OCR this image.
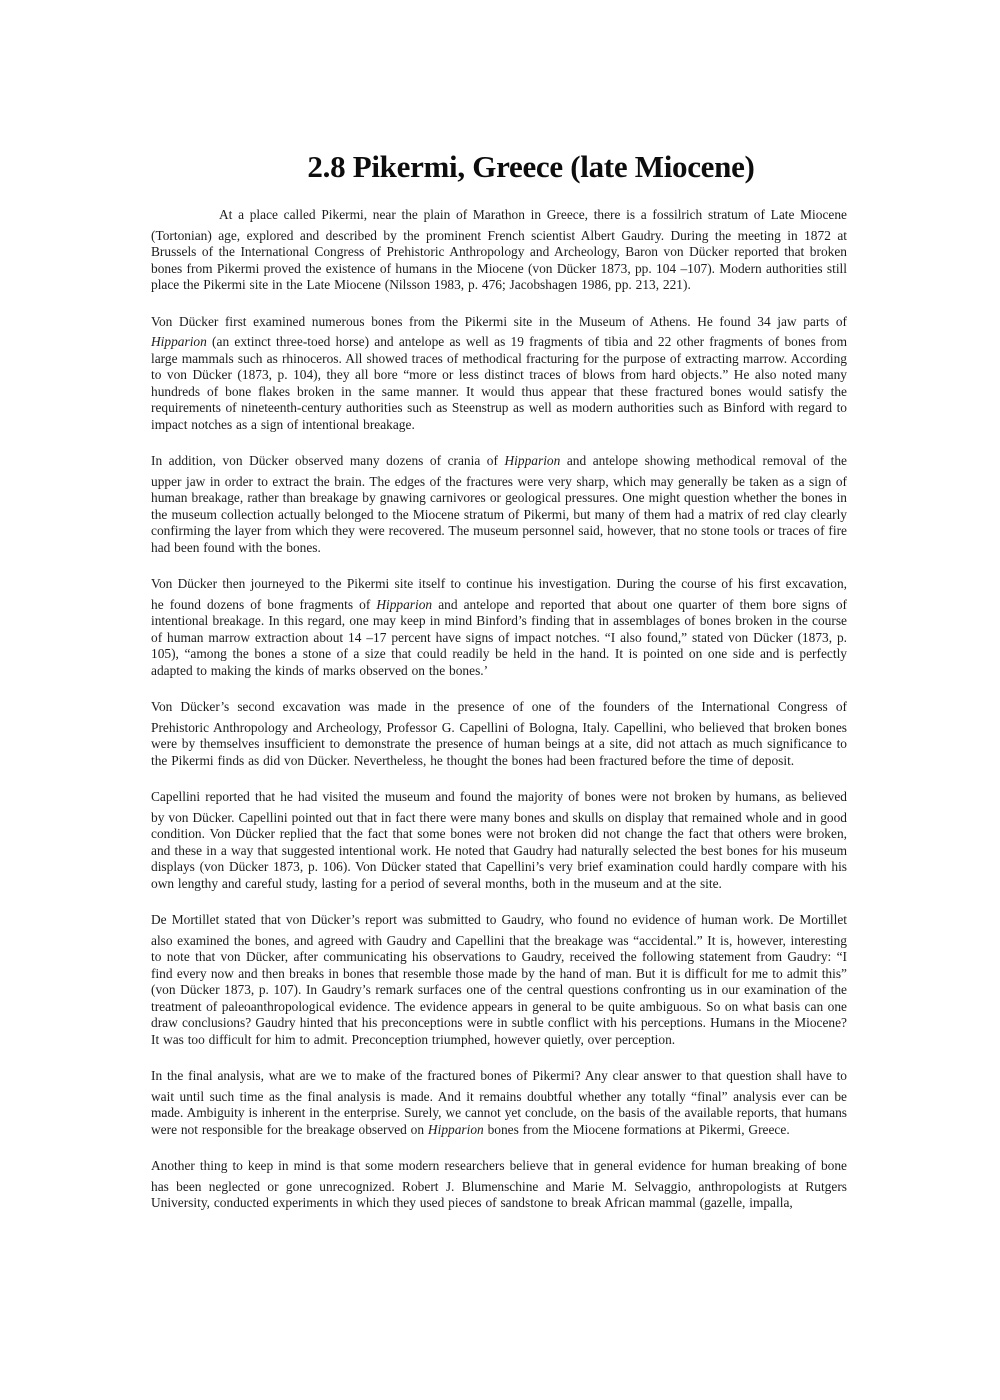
2.8 Pikermi, Greece (late Miocene)
At a place called Pikermi, near the plain of Marathon in Greece, there is a fossilrich stratum of Late Miocene
(Tortonian) age, explored and described by the prominent French scientist Albert Gaudry. During the meeting in 1872 at Brussels of the International Congress of Prehistoric Anthropology and Archeology, Baron von Dücker reported that broken bones from Pikermi proved the existence of humans in the Miocene (von Dücker 1873, pp. 104 –107). Modern authorities still place the Pikermi site in the Late Miocene (Nilsson 1983, p. 476; Jacobshagen 1986, pp. 213, 221).
Von Dücker first examined numerous bones from the Pikermi site in the Museum of Athens. He found 34 jaw parts of
Hipparion (an extinct three-toed horse) and antelope as well as 19 fragments of tibia and 22 other fragments of bones from large mammals such as rhinoceros. All showed traces of methodical fracturing for the purpose of extracting marrow. According to von Dücker (1873, p. 104), they all bore “more or less distinct traces of blows from hard objects.” He also noted many hundreds of bone flakes broken in the same manner. It would thus appear that these fractured bones would satisfy the requirements of nineteenth-century authorities such as Steenstrup as well as modern authorities such as Binford with regard to impact notches as a sign of intentional breakage.
In addition, von Dücker observed many dozens of crania of Hipparion and antelope showing methodical removal of the
upper jaw in order to extract the brain. The edges of the fractures were very sharp, which may generally be taken as a sign of human breakage, rather than breakage by gnawing carnivores or geological pressures. One might question whether the bones in the museum collection actually belonged to the Miocene stratum of Pikermi, but many of them had a matrix of red clay clearly confirming the layer from which they were recovered. The museum personnel said, however, that no stone tools or traces of fire had been found with the bones.
Von Dücker then journeyed to the Pikermi site itself to continue his investigation. During the course of his first excavation,
he found dozens of bone fragments of Hipparion and antelope and reported that about one quarter of them bore signs of intentional breakage. In this regard, one may keep in mind Binford’s finding that in assemblages of bones broken in the course of human marrow extraction about 14 –17 percent have signs of impact notches. “I also found,” stated von Dücker (1873, p. 105), “among the bones a stone of a size that could readily be held in the hand. It is pointed on one side and is perfectly adapted to making the kinds of marks observed on the bones.’
Von Dücker’s second excavation was made in the presence of one of the founders of the International Congress of
Prehistoric Anthropology and Archeology, Professor G. Capellini of Bologna, Italy. Capellini, who believed that broken bones were by themselves insufficient to demonstrate the presence of human beings at a site, did not attach as much significance to the Pikermi finds as did von Dücker. Nevertheless, he thought the bones had been fractured before the time of deposit.
Capellini reported that he had visited the museum and found the majority of bones were not broken by humans, as believed
by von Dücker. Capellini pointed out that in fact there were many bones and skulls on display that remained whole and in good condition. Von Dücker replied that the fact that some bones were not broken did not change the fact that others were broken, and these in a way that suggested intentional work. He noted that Gaudry had naturally selected the best bones for his museum displays (von Dücker 1873, p. 106). Von Dücker stated that Capellini’s very brief examination could hardly compare with his own lengthy and careful study, lasting for a period of several months, both in the museum and at the site.
De Mortillet stated that von Dücker’s report was submitted to Gaudry, who found no evidence of human work. De Mortillet
also examined the bones, and agreed with Gaudry and Capellini that the breakage was “accidental.” It is, however, interesting to note that von Dücker, after communicating his observations to Gaudry, received the following statement from Gaudry: “I find every now and then breaks in bones that resemble those made by the hand of man. But it is difficult for me to admit this” (von Dücker 1873, p. 107). In Gaudry’s remark surfaces one of the central questions confronting us in our examination of the treatment of paleoanthropological evidence. The evidence appears in general to be quite ambiguous. So on what basis can one draw conclusions? Gaudry hinted that his preconceptions were in subtle conflict with his perceptions. Humans in the Miocene? It was too difficult for him to admit. Preconception triumphed, however quietly, over perception.
In the final analysis, what are we to make of the fractured bones of Pikermi? Any clear answer to that question shall have to
wait until such time as the final analysis is made. And it remains doubtful whether any totally “final” analysis ever can be made. Ambiguity is inherent in the enterprise. Surely, we cannot yet conclude, on the basis of the available reports, that humans were not responsible for the breakage observed on Hipparion bones from the Miocene formations at Pikermi, Greece.
Another thing to keep in mind is that some modern researchers believe that in general evidence for human breaking of bone
has been neglected or gone unrecognized. Robert J. Blumenschine and Marie M. Selvaggio, anthropologists at Rutgers University, conducted experiments in which they used pieces of sandstone to break African mammal (gazelle, impalla,
